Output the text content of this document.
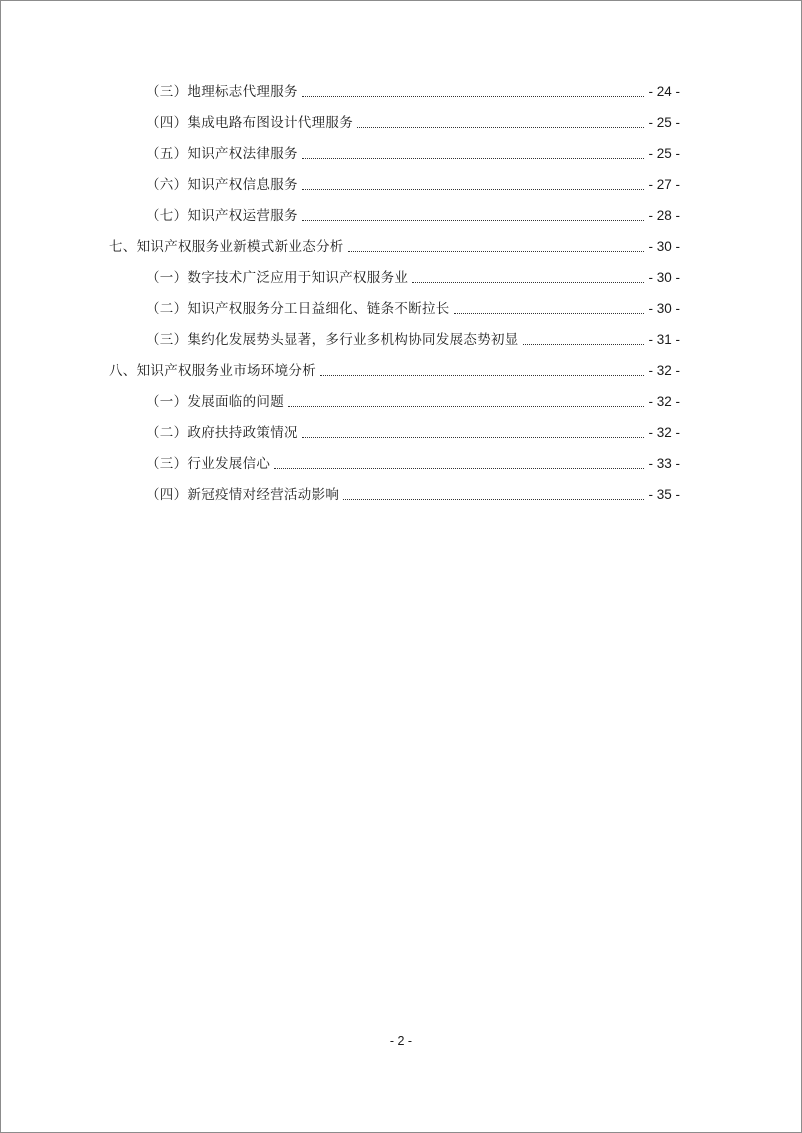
（三）地理标志代理服务	- 24 -
（四）集成电路布图设计代理服务	- 25 -
（五）知识产权法律服务	- 25 -
（六）知识产权信息服务	- 27 -
（七）知识产权运营服务	- 28 -
七、知识产权服务业新模式新业态分析	- 30 -
（一）数字技术广泛应用于知识产权服务业	- 30 -
（二）知识产权服务分工日益细化、链条不断拉长	- 30 -
（三）集约化发展势头显著，多行业多机构协同发展态势初显	- 31 -
八、知识产权服务业市场环境分析	- 32 -
（一）发展面临的问题	- 32 -
（二）政府扶持政策情况	- 32 -
（三）行业发展信心	- 33 -
（四）新冠疫情对经营活动影响	- 35 -
- 2 -
